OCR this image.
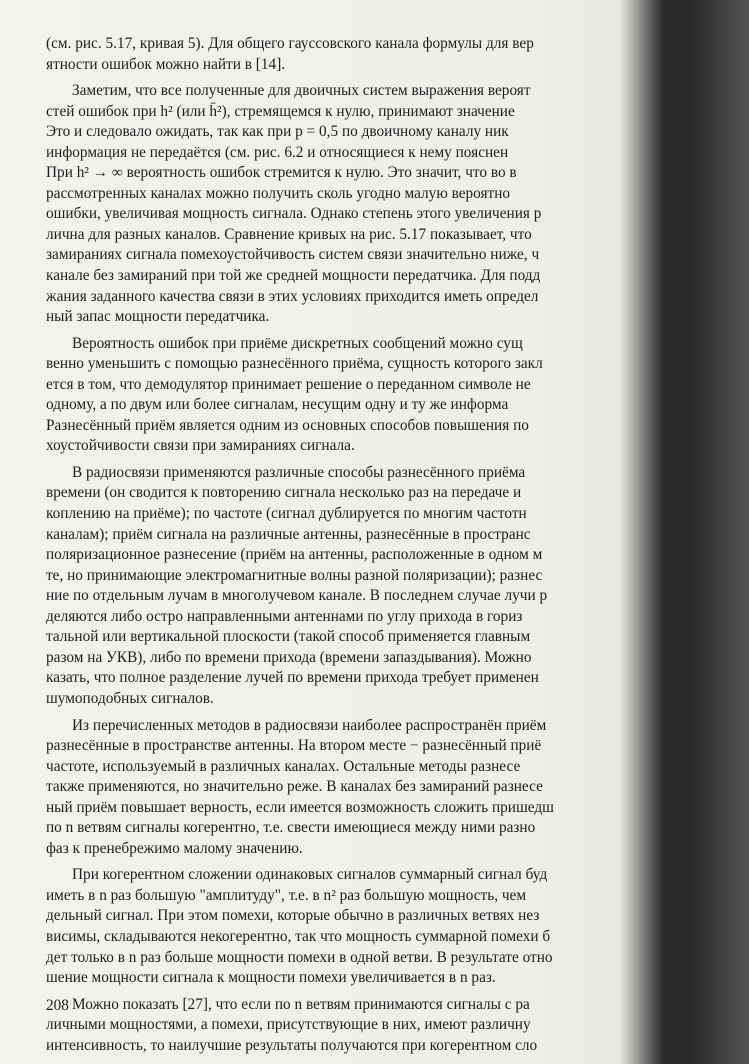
(см. рис. 5.17, кривая 5). Для общего гауссовского канала формулы для вер
ятности ошибок можно найти в [14].
Заметим, что все полученные для двоичных систем выражения вероят
стей ошибок при h² (или h̄²), стремящемся к нулю, принимают значение
Это и следовало ожидать, так как при p = 0,5 по двоичному каналу ник
информация не передаётся (см. рис. 6.2 и относящиеся к нему пояснен
При h² → ∞ вероятность ошибок стремится к нулю. Это значит, что во в
рассмотренных каналах можно получить сколь угодно малую вероятно
ошибки, увеличивая мощность сигнала. Однако степень этого увеличения р
лична для разных каналов. Сравнение кривых на рис. 5.17 показывает, что
замираниях сигнала помехоустойчивость систем связи значительно ниже, ч
канале без замираний при той же средней мощности передатчика. Для подд
жания заданного качества связи в этих условиях приходится иметь определ
ный запас мощности передатчика.
Вероятность ошибок при приёме дискретных сообщений можно сущ
венно уменьшить с помощью разнесённого приёма, сущность которого закл
ется в том, что демодулятор принимает решение о переданном символе не
одному, а по двум или более сигналам, несущим одну и ту же информа
Разнесённый приём является одним из основных способов повышения по
хоустойчивости связи при замираниях сигнала.
В радиосвязи применяются различные способы разнесённого приёма
времени (он сводится к повторению сигнала несколько раз на передаче и
коплению на приёме); по частоте (сигнал дублируется по многим частотн
каналам); приём сигнала на различные антенны, разнесённые в пространс
поляризационное разнесение (приём на антенны, расположенные в одном м
те, но принимающие электромагнитные волны разной поляризации); разнес
ние по отдельным лучам в многолучевом канале. В последнем случае лучи р
деляются либо остро направленными антеннами по углу прихода в гориз
тальной или вертикальной плоскости (такой способ применяется главным
разом на УКВ), либо по времени прихода (времени запаздывания). Можно
казать, что полное разделение лучей по времени прихода требует применен
шумоподобных сигналов.
Из перечисленных методов в радиосвязи наиболее распространён приём
разнесённые в пространстве антенны. На втором месте − разнесённый приё
частоте, используемый в различных каналах. Остальные методы разнесе
также применяются, но значительно реже. В каналах без замираний разнесе
ный приём повышает верность, если имеется возможность сложить пришедш
по n ветвям сигналы когерентно, т.е. свести имеющиеся между ними разно
фаз к пренебрежимо малому значению.
При когерентном сложении одинаковых сигналов суммарный сигнал буд
иметь в n раз большую "амплитуду", т.е. в n² раз большую мощность, чем
дельный сигнал. При этом помехи, которые обычно в различных ветвях нез
висимы, складываются некогерентно, так что мощность суммарной помехи б
дет только в n раз больше мощности помехи в одной ветви. В результате отно
шение мощности сигнала к мощности помехи увеличивается в n раз.
Можно показать [27], что если по n ветвям принимаются сигналы с ра
личными мощностями, а помехи, присутствующие в них, имеют различну
интенсивность, то наилучшие результаты получаются при когерентном сло
208
